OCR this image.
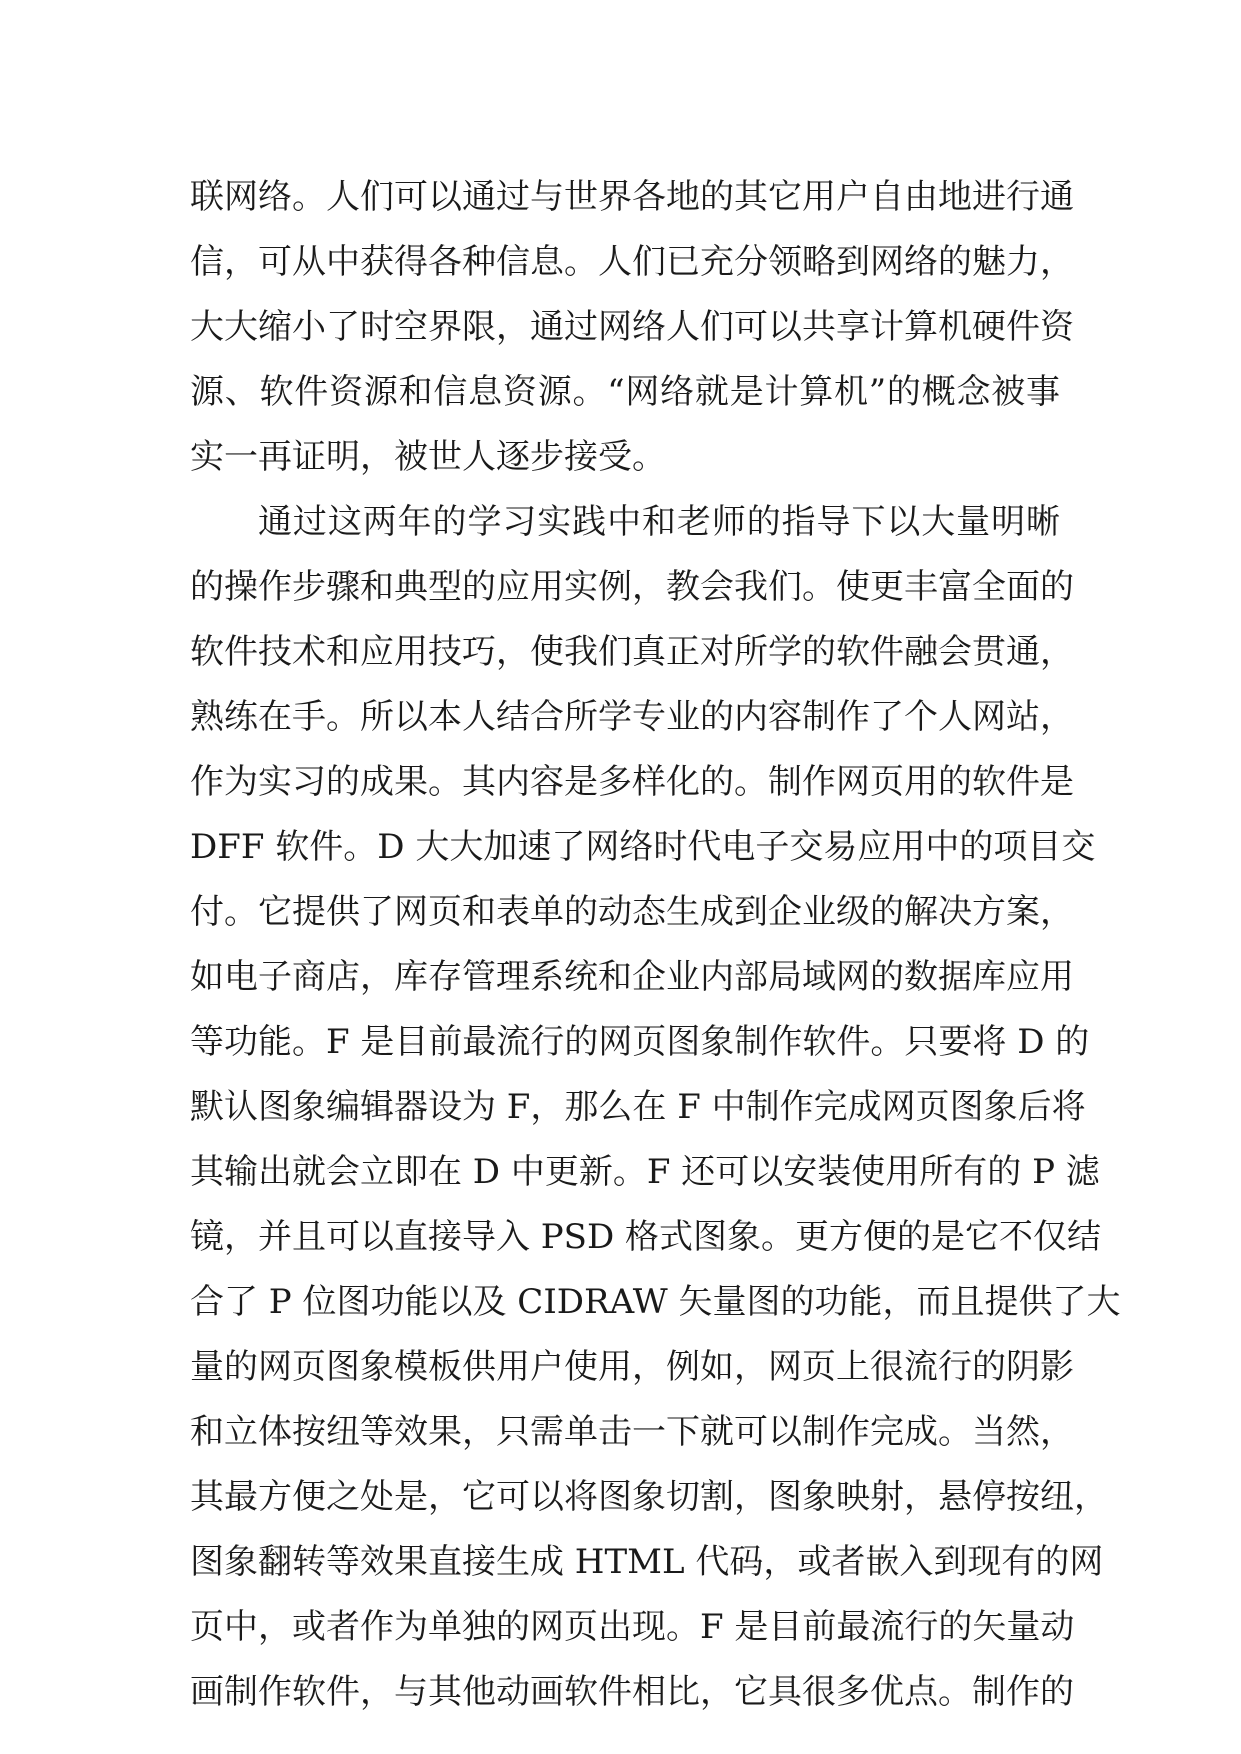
联网络。人们可以通过与世界各地的其它用户自由地进行通
信，可从中获得各种信息。人们已充分领略到网络的魅力，
大大缩小了时空界限，通过网络人们可以共享计算机硬件资
源、软件资源和信息资源。“网络就是计算机”的概念被事
实一再证明，被世人逐步接受。
通过这两年的学习实践中和老师的指导下以大量明晰
的操作步骤和典型的应用实例，教会我们。使更丰富全面的
软件技术和应用技巧，使我们真正对所学的软件融会贯通，
熟练在手。所以本人结合所学专业的内容制作了个人网站，
作为实习的成果。其内容是多样化的。制作网页用的软件是
DFF 软件。D 大大加速了网络时代电子交易应用中的项目交
付。它提供了网页和表单的动态生成到企业级的解决方案，
如电子商店，库存管理系统和企业内部局域网的数据库应用
等功能。F 是目前最流行的网页图象制作软件。只要将 D 的
默认图象编辑器设为 F，那么在 F 中制作完成网页图象后将
其输出就会立即在 D 中更新。F 还可以安装使用所有的 P 滤
镜，并且可以直接导入 PSD 格式图象。更方便的是它不仅结
合了 P 位图功能以及 CIDRAW 矢量图的功能，而且提供了大
量的网页图象模板供用户使用，例如，网页上很流行的阴影
和立体按纽等效果，只需单击一下就可以制作完成。当然，
其最方便之处是，它可以将图象切割，图象映射，悬停按纽，
图象翻转等效果直接生成 HTML 代码，或者嵌入到现有的网
页中，或者作为单独的网页出现。F 是目前最流行的矢量动
画制作软件，与其他动画软件相比，它具很多优点。制作的
